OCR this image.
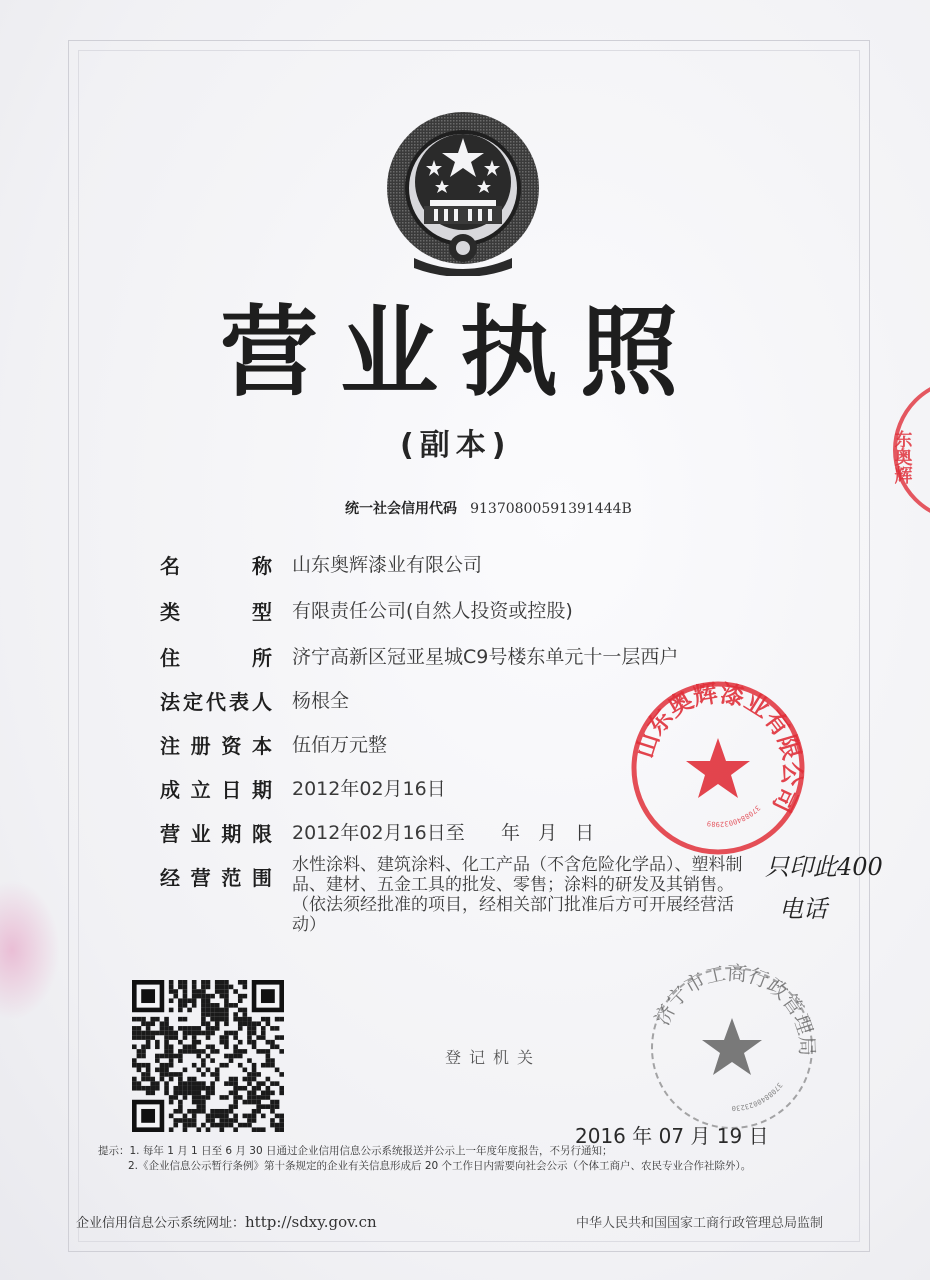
营业执照
(副本)
统一社会信用代码 91370800591391444B
名	称 山东奥辉漆业有限公司
类	型 有限责任公司(自然人投资或控股)
住	所 济宁高新区冠亚星城C9号楼东单元十一层西户
法 定 代 表 人 杨根全
注 册 资 本 伍佰万元整
成 立 日 期 2012年02月16日
营 业 期 限 2012年02月16日至      年   月   日
经 营 范 围
水性涂料、建筑涂料、化工产品（不含危险化学品）、塑料制品、建材、五金工具的批发、零售；涂料的研发及其销售。（依法须经批准的项目，经相关部门批准后方可开展经营活动）
登记机关
2016 年 07 月 19 日
提示：1. 每年 1 月 1 日至 6 月 30 日通过企业信用信息公示系统报送并公示上一年度年度报告，不另行通知；
2.《企业信息公示暂行条例》第十条规定的企业有关信息形成后 20 个工作日内需要向社会公示（个体工商户、农民专业合作社除外）。
企业信用信息公示系统网址：http://sdxy.gov.cn	中华人民共和国国家工商行政管理总局监制
山东奥辉漆业有限公司
3708840032989
济宁市工商行政管理局
3708840023230
东奥辉
只印此400
电话
